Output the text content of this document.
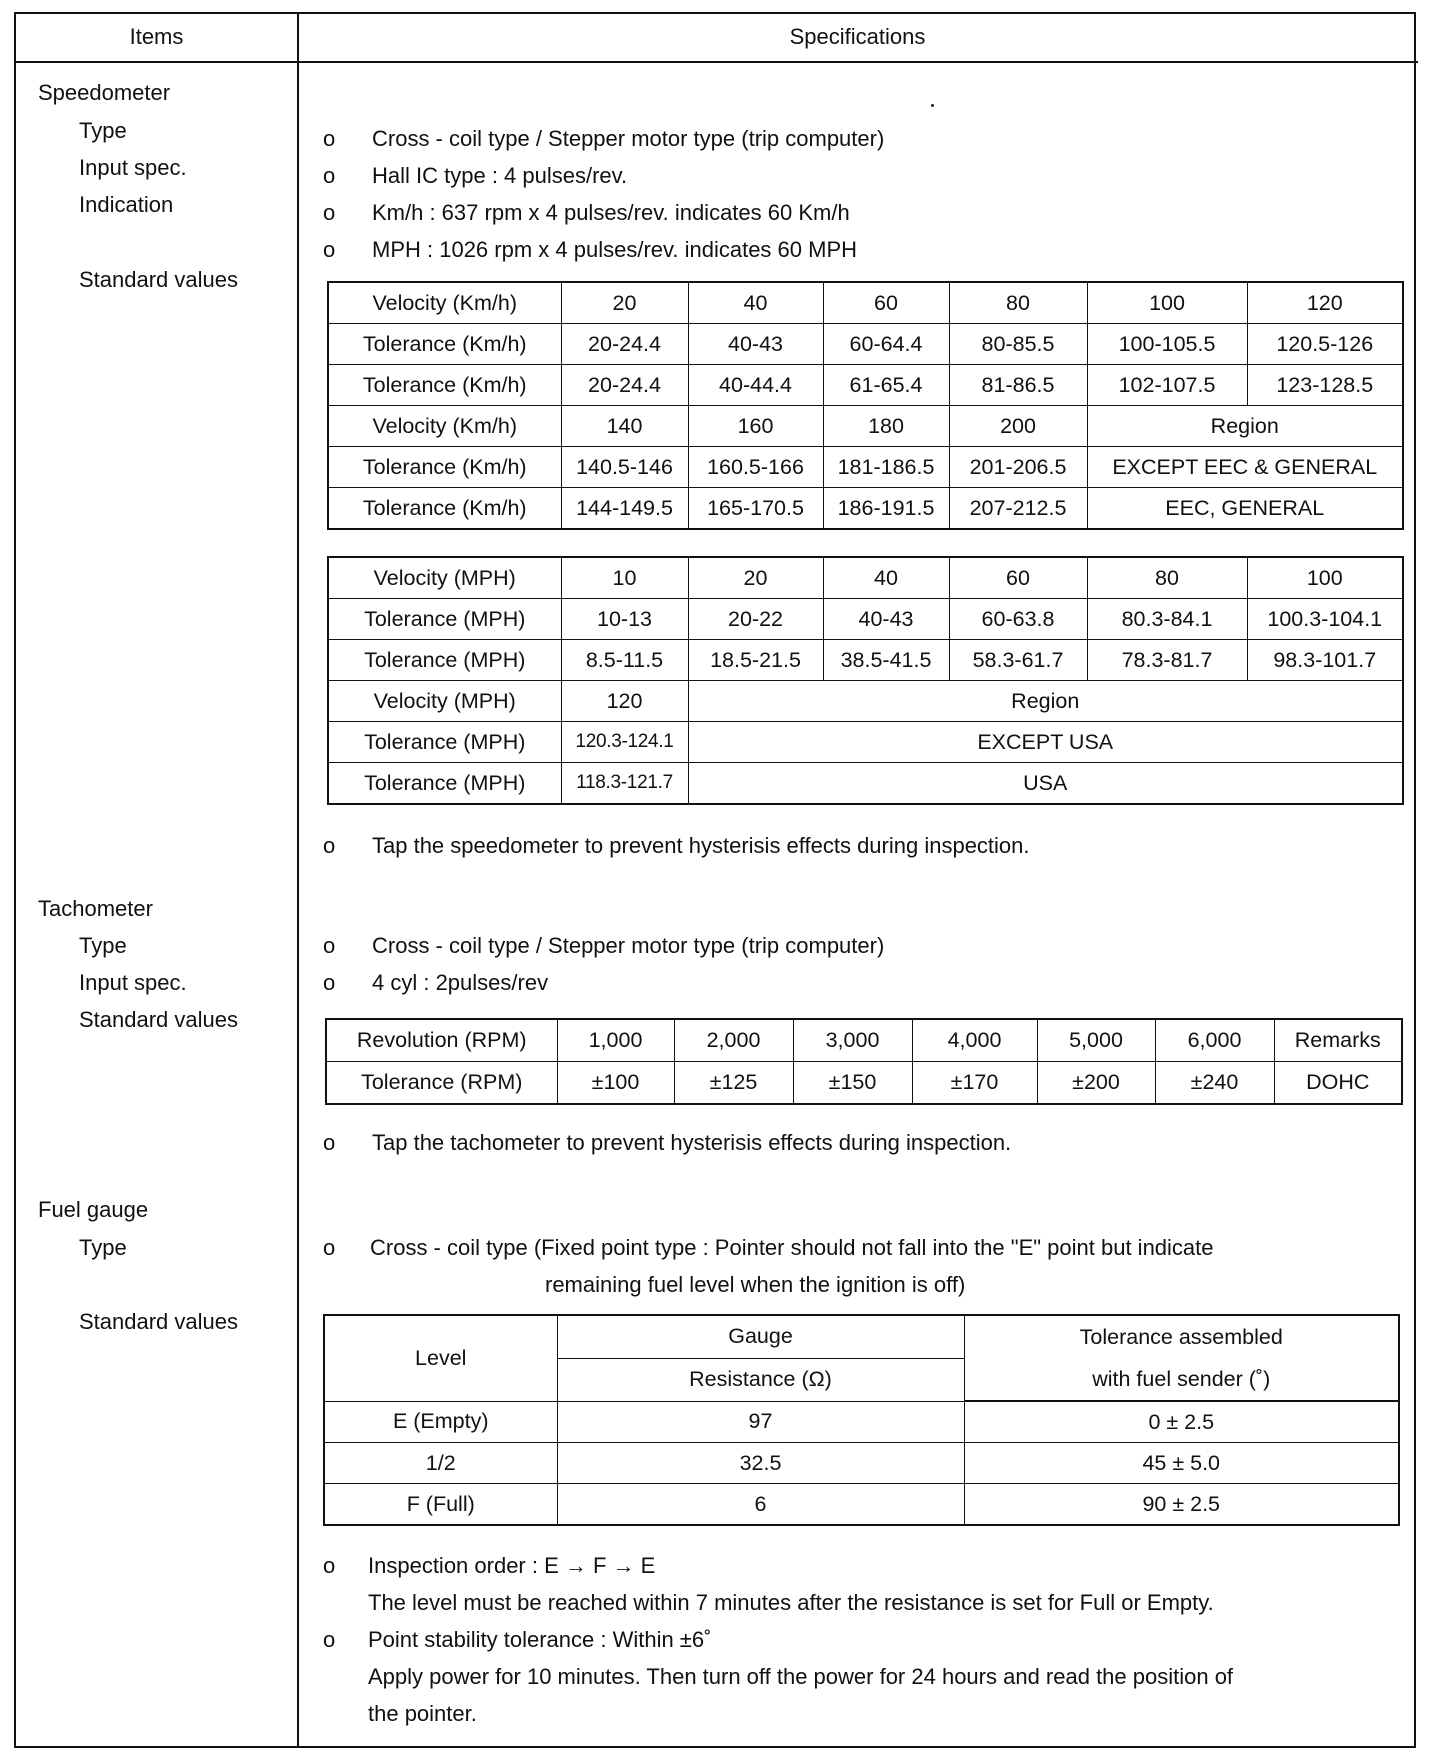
Items	Specifications
Speedometer
Type
Input spec.
Indication
Standard values
o Cross - coil type / Stepper motor type (trip computer)
o Hall IC type : 4 pulses/rev.
o Km/h : 637 rpm x 4 pulses/rev. indicates 60 Km/h
o MPH : 1026 rpm x 4 pulses/rev. indicates 60 MPH
Velocity (Km/h)	20	40	60	80	100	120
Tolerance (Km/h)	20-24.4	40-43	60-64.4	80-85.5	100-105.5	120.5-126
Tolerance (Km/h)	20-24.4	40-44.4	61-65.4	81-86.5	102-107.5	123-128.5
Velocity (Km/h)	140	160	180	200	Region	
Tolerance (Km/h)	140.5-146	160.5-166	181-186.5	201-206.5	EXCEPT EEC & GENERAL	
Tolerance (Km/h)	144-149.5	165-170.5	186-191.5	207-212.5	EEC, GENERAL	
Velocity (MPH)	10	20	40	60	80	100
Tolerance (MPH)	10-13	20-22	40-43	60-63.8	80.3-84.1	100.3-104.1
Tolerance (MPH)	8.5-11.5	18.5-21.5	38.5-41.5	58.3-61.7	78.3-81.7	98.3-101.7
Velocity (MPH)	120	Region				
Tolerance (MPH)	120.3-124.1	EXCEPT USA				
Tolerance (MPH)	118.3-121.7	USA				
o Tap the speedometer to prevent hysterisis effects during inspection.
Tachometer
Type
Input spec.
Standard values
o Cross - coil type / Stepper motor type (trip computer)
o 4 cyl : 2pulses/rev
Revolution (RPM)	1,000	2,000	3,000	4,000	5,000	6,000	Remarks
Tolerance (RPM)	±100	±125	±150	±170	±200	±240	DOHC
o Tap the tachometer to prevent hysterisis effects during inspection.
Fuel gauge
Type
Standard values
o Cross - coil type (Fixed point type : Pointer should not fall into the "E" point but indicate
remaining fuel level when the ignition is off)
Level	Gauge	Tolerance assembled
with fuel sender (˚)

	Resistance (Ω)	
E (Empty)	97	0 ± 2.5
1/2	32.5	45 ± 5.0
F (Full)	6	90 ± 2.5
o Inspection order : E → F → E
The level must be reached within 7 minutes after the resistance is set for Full or Empty.
o Point stability tolerance : Within ±6˚
Apply power for 10 minutes. Then turn off the power for 24 hours and read the position of
the pointer.
